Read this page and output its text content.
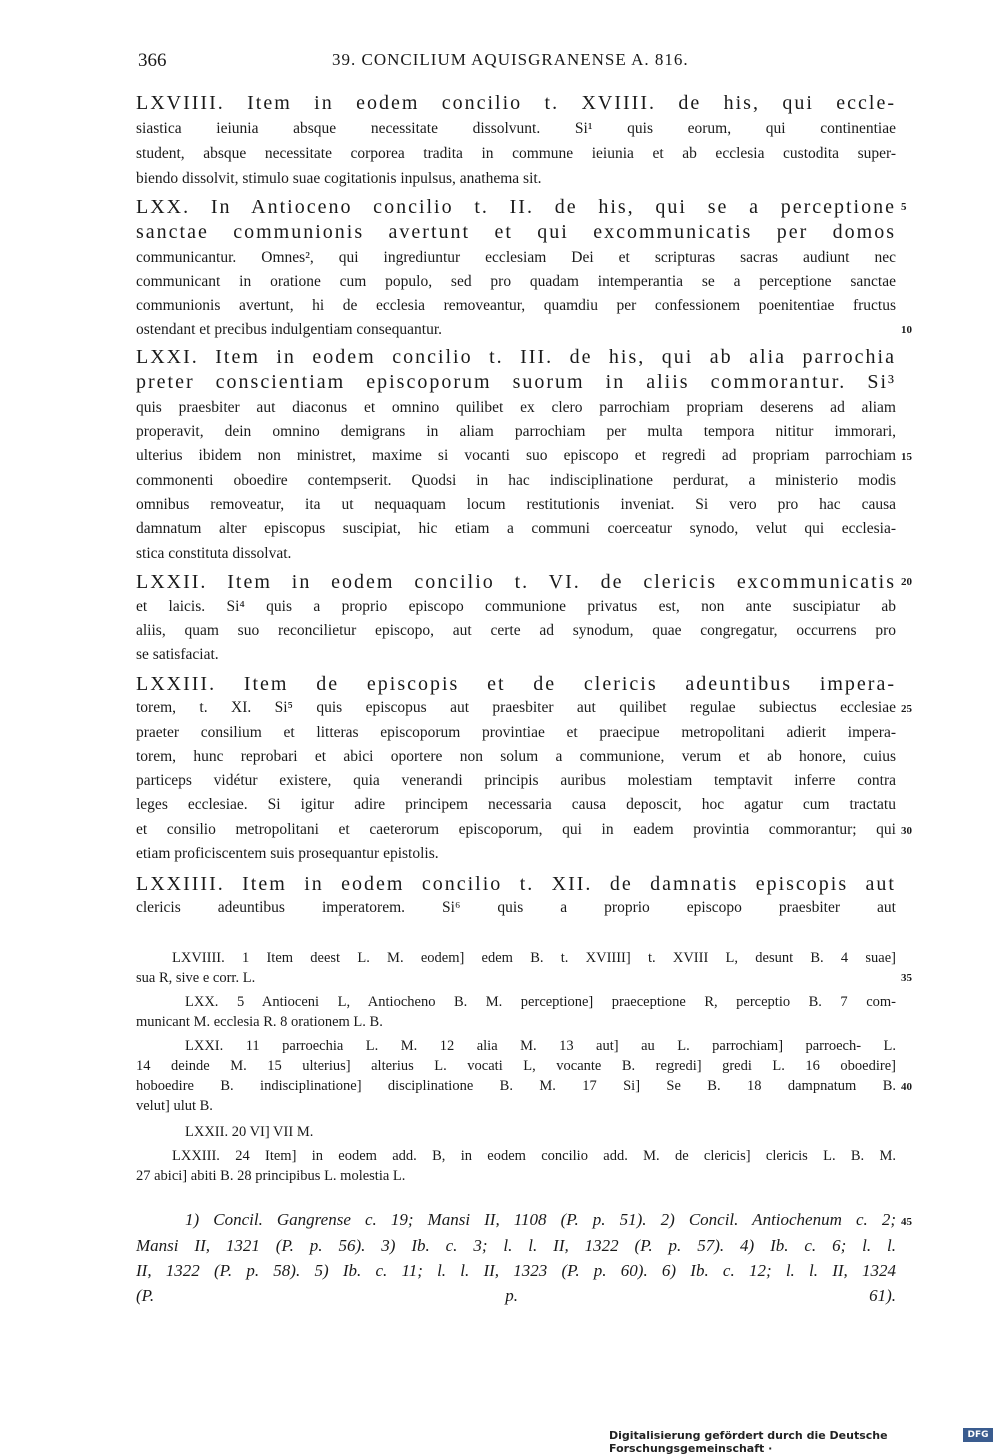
366	39. CONCILIUM AQUISGRANENSE A. 816.
LXVIIII. Item in eodem concilio t. XVIIII. de his, qui eccle-
siastica ieiunia absque necessitate dissolvunt. Si¹ quis eorum, qui continentiae
student, absque necessitate corporea tradita in commune ieiunia et ab ecclesia custodita super-
biendo dissolvit, stimulo suae cogitationis inpulsus, anathema sit.
LXX. In Antioceno concilio t. II. de his, qui se a perceptione
sanctae communionis avertunt et qui excommunicatis per domos
communicantur. Omnes², qui ingrediuntur ecclesiam Dei et scripturas sacras audiunt nec
communicant in oratione cum populo, sed pro quadam intemperantia se a perceptione sanctae
communionis avertunt, hi de ecclesia removeantur, quamdiu per confessionem poenitentiae fructus
ostendant et precibus indulgentiam consequantur.
LXXI. Item in eodem concilio t. III. de his, qui ab alia parrochia
preter conscientiam episcoporum suorum in aliis commorantur. Si³
quis praesbiter aut diaconus et omnino quilibet ex clero parrochiam propriam deserens ad aliam
properavit, dein omnino demigrans in aliam parrochiam per multa tempora nititur immorari,
ulterius ibidem non ministret, maxime si vocanti suo episcopo et regredi ad propriam parrochiam
commonenti oboedire contempserit. Quodsi in hac indisciplinatione perdurat, a ministerio modis
omnibus removeatur, ita ut nequaquam locum restitutionis inveniat. Si vero pro hac causa
damnatum alter episcopus suscipiat, hic etiam a communi coerceatur synodo, velut qui ecclesia-
stica constituta dissolvat.
LXXII. Item in eodem concilio t. VI. de clericis excommunicatis
et laicis. Si⁴ quis a proprio episcopo communione privatus est, non ante suscipiatur ab
aliis, quam suo reconcilietur episcopo, aut certe ad synodum, quae congregatur, occurrens pro
se satisfaciat.
LXXIII. Item de episcopis et de clericis adeuntibus impera-
torem, t. XI. Si⁵ quis episcopus aut praesbiter aut quilibet regulae subiectus ecclesiae
praeter consilium et litteras episcoporum provintiae et praecipue metropolitani adierit impera-
torem, hunc reprobari et abici oportere non solum a communione, verum et ab honore, cuius
particeps vidétur existere, quia venerandi principis auribus molestiam temptavit inferre contra
leges ecclesiae. Si igitur adire principem necessaria causa deposcit, hoc agatur cum tractatu
et consilio metropolitani et caeterorum episcoporum, qui in eadem provintia commorantur; qui
etiam proficiscentem suis prosequantur epistolis.
LXXIIII. Item in eodem concilio t. XII. de damnatis episcopis aut
clericis adeuntibus imperatorem. Si⁶ quis a proprio episcopo praesbiter aut
5
10
15
20
25
30
LXVIIII. 1 Item deest L. M. eodem] edem B. t. XVIIII] t. XVIII L, desunt B. 4 suae]
sua R, sive e corr. L.
LXX. 5 Antioceni L, Antiocheno B. M. perceptione] praeceptione R, perceptio B. 7 com-
municant M. ecclesia R. 8 orationem L. B.
LXXI. 11 parroechia L. M. 12 alia M. 13 aut] au L. parrochiam] parroech- L.
14 deinde M. 15 ulterius] alterius L. vocati L, vocante B. regredi] gredi L. 16 oboedire]
hoboedire B. indisciplinatione] disciplinatione B. M. 17 Si] Se B. 18 dampnatum B.
velut] ulut B.
LXXII. 20 VI] VII M.
LXXIII. 24 Item] in eodem add. B, in eodem concilio add. M. de clericis] clericis L. B. M.
27 abici] abiti B. 28 principibus L. molestia L.
35
40
1) Concil. Gangrense c. 19; Mansi II, 1108 (P. p. 51). 2) Concil. Antiochenum c. 2;
Mansi II, 1321 (P. p. 56). 3) Ib. c. 3; l. l. II, 1322 (P. p. 57). 4) Ib. c. 6; l. l.
II, 1322 (P. p. 58). 5) Ib. c. 11; l. l. II, 1323 (P. p. 60). 6) Ib. c. 12; l. l. II, 1324
(P. p. 61).
45
Digitalisierung gefördert durch die Deutsche Forschungsgemeinschaft ·
DFG
